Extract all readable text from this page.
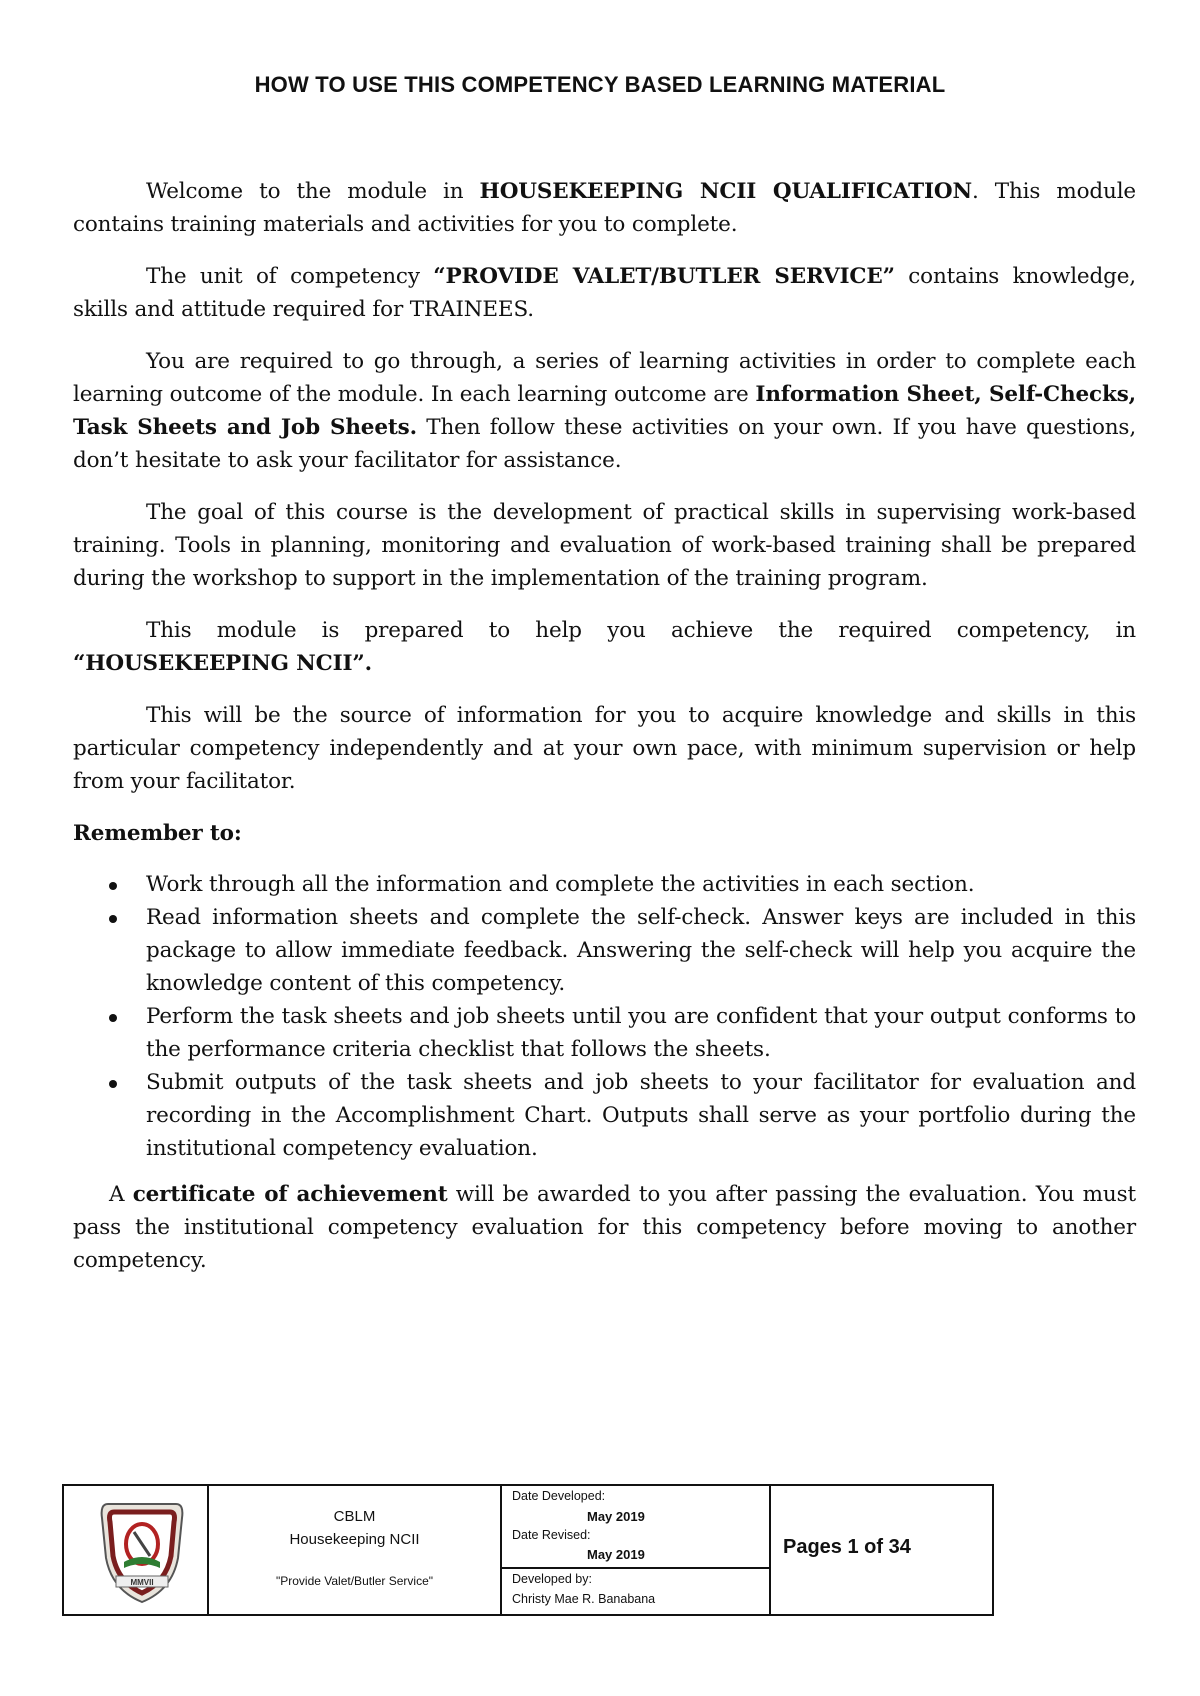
HOW TO USE THIS COMPETENCY BASED LEARNING MATERIAL

Welcome to the module in HOUSEKEEPING NCII QUALIFICATION. This module contains training materials and activities for you to complete.

The unit of competency “PROVIDE VALET/BUTLER SERVICE” contains knowledge, skills and attitude required for TRAINEES.

You are required to go through, a series of learning activities in order to complete each learning outcome of the module. In each learning outcome are Information Sheet, Self-Checks, Task Sheets and Job Sheets. Then follow these activities on your own. If you have questions, don’t hesitate to ask your facilitator for assistance.

The goal of this course is the development of practical skills in supervising work-based training. Tools in planning, monitoring and evaluation of work-based training shall be prepared during the workshop to support in the implementation of the training program.

This module is prepared to help you achieve the required competency, in “HOUSEKEEPING NCII”.

This will be the source of information for you to acquire knowledge and skills in this particular competency independently and at your own pace, with minimum supervision or help from your facilitator.

Remember to:

Work through all the information and complete the activities in each section.
Read information sheets and complete the self-check. Answer keys are included in this package to allow immediate feedback. Answering the self-check will help you acquire the knowledge content of this competency.
Perform the task sheets and job sheets until you are confident that your output conforms to the performance criteria checklist that follows the sheets.
Submit outputs of the task sheets and job sheets to your facilitator for evaluation and recording in the Accomplishment Chart. Outputs shall serve as your portfolio during the institutional competency evaluation.

A certificate of achievement will be awarded to you after passing the evaluation. You must pass the institutional competency evaluation for this competency before moving to another competency.

MMVII
CBLM
Housekeeping NCII
"Provide Valet/Butler Service"
Date Developed:
May 2019
Date Revised:
May 2019
Developed by:
Christy Mae R. Banabana
Pages 1 of 34
